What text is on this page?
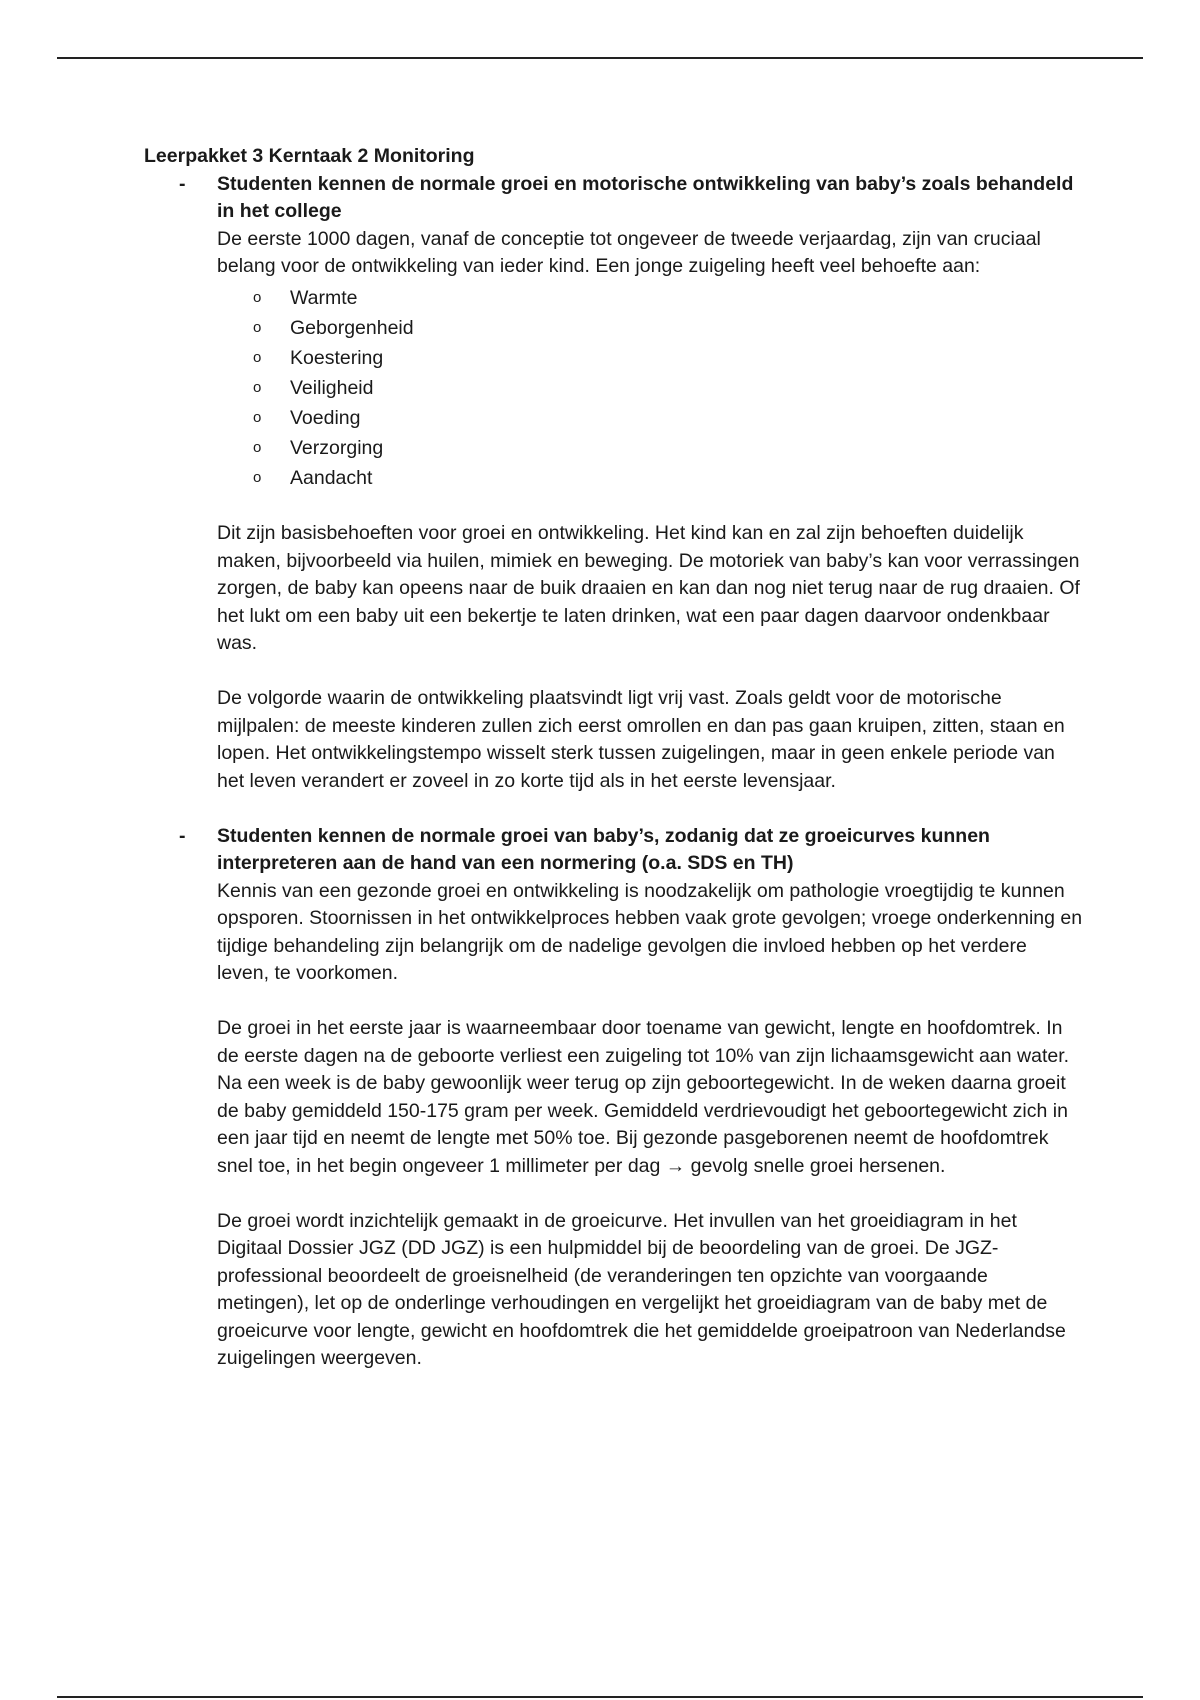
Leerpakket 3 Kerntaak 2 Monitoring

- Studenten kennen de normale groei en motorische ontwikkeling van baby’s zoals behandeld in het college

De eerste 1000 dagen, vanaf de conceptie tot ongeveer de tweede verjaardag, zijn van cruciaal belang voor de ontwikkeling van ieder kind. Een jonge zuigeling heeft veel behoefte aan:

o Warmte
o Geborgenheid
o Koestering
o Veiligheid
o Voeding
o Verzorging
o Aandacht

Dit zijn basisbehoeften voor groei en ontwikkeling. Het kind kan en zal zijn behoeften duidelijk maken, bijvoorbeeld via huilen, mimiek en beweging. De motoriek van baby’s kan voor verrassingen zorgen, de baby kan opeens naar de buik draaien en kan dan nog niet terug naar de rug draaien. Of het lukt om een baby uit een bekertje te laten drinken, wat een paar dagen daarvoor ondenkbaar was.

De volgorde waarin de ontwikkeling plaatsvindt ligt vrij vast. Zoals geldt voor de motorische mijlpalen: de meeste kinderen zullen zich eerst omrollen en dan pas gaan kruipen, zitten, staan en lopen. Het ontwikkelingstempo wisselt sterk tussen zuigelingen, maar in geen enkele periode van het leven verandert er zoveel in zo korte tijd als in het eerste levensjaar.

- Studenten kennen de normale groei van baby’s, zodanig dat ze groeicurves kunnen interpreteren aan de hand van een normering (o.a. SDS en TH)

Kennis van een gezonde groei en ontwikkeling is noodzakelijk om pathologie vroegtijdig te kunnen opsporen. Stoornissen in het ontwikkelproces hebben vaak grote gevolgen; vroege onderkenning en tijdige behandeling zijn belangrijk om de nadelige gevolgen die invloed hebben op het verdere leven, te voorkomen.

De groei in het eerste jaar is waarneembaar door toename van gewicht, lengte en hoofdomtrek. In de eerste dagen na de geboorte verliest een zuigeling tot 10% van zijn lichaamsgewicht aan water. Na een week is de baby gewoonlijk weer terug op zijn geboortegewicht. In de weken daarna groeit de baby gemiddeld 150-175 gram per week. Gemiddeld verdrievoudigt het geboortegewicht zich in een jaar tijd en neemt de lengte met 50% toe. Bij gezonde pasgeborenen neemt de hoofdomtrek snel toe, in het begin ongeveer 1 millimeter per dag → gevolg snelle groei hersenen.

De groei wordt inzichtelijk gemaakt in de groeicurve. Het invullen van het groeidiagram in het Digitaal Dossier JGZ (DD JGZ) is een hulpmiddel bij de beoordeling van de groei. De JGZ-professional beoordeelt de groeisnelheid (de veranderingen ten opzichte van voorgaande metingen), let op de onderlinge verhoudingen en vergelijkt het groeidiagram van de baby met de groeicurve voor lengte, gewicht en hoofdomtrek die het gemiddelde groeipatroon van Nederlandse zuigelingen weergeven.
